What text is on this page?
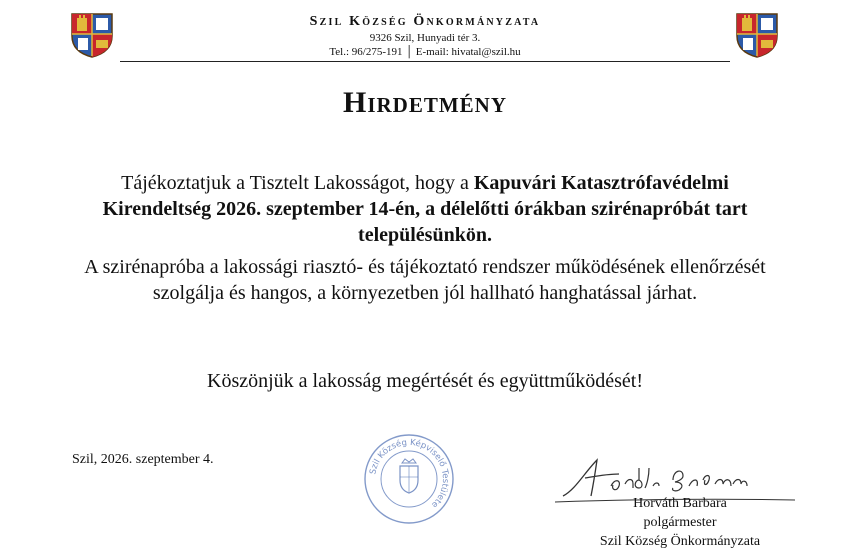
Szil Község Önkormányzata
9326 Szil, Hunyadi tér 3.
Tel.: 96/275-191 │ E-mail: hivatal@szil.hu
Hirdetmény
Tájékoztatjuk a Tisztelt Lakosságot, hogy a Kapuvári Katasztrófavédelmi Kirendeltség 2026. szeptember 14-én, a délelőtti órákban szirénapróbát tart településünkön.
A szirénapróba a lakossági riasztó- és tájékoztató rendszer működésének ellenőrzését szolgálja és hangos, a környezetben jól hallható hanghatással járhat.
Köszönjük a lakosság megértését és együttműködését!
Szil, 2026. szeptember 4.
Szil Község Képviselő Testülete	Horváth Barbara
polgármester
Szil Község Önkormányzata
